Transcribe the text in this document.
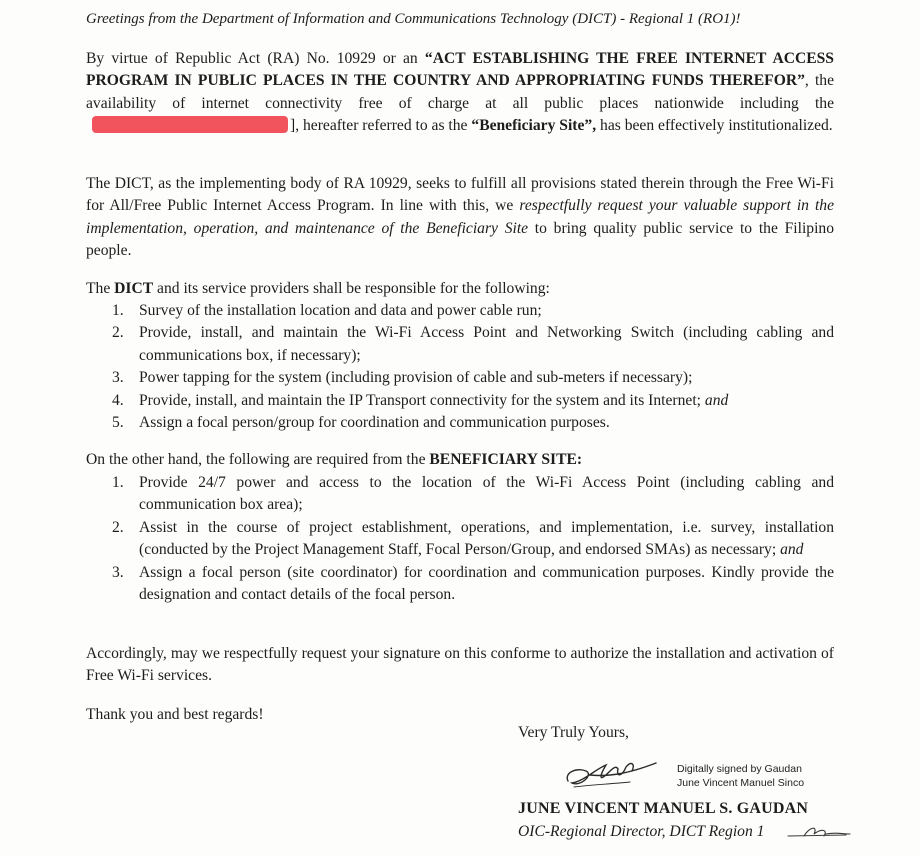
Greetings from the Department of Information and Communications Technology (DICT) - Regional 1 (RO1)!

By virtue of Republic Act (RA) No. 10929 or an “ACT ESTABLISHING THE FREE INTERNET ACCESS PROGRAM IN PUBLIC PLACES IN THE COUNTRY AND APPROPRIATING FUNDS THEREFOR”, the availability of internet connectivity free of charge at all public places nationwide including the], hereafter referred to as the “Beneficiary Site”, has been effectively institutionalized.

The DICT, as the implementing body of RA 10929, seeks to fulfill all provisions stated therein through the Free Wi-Fi for All/Free Public Internet Access Program. In line with this, we respectfully request your valuable support in the implementation, operation, and maintenance of the Beneficiary Site to bring quality public service to the Filipino people.

The DICT and its service providers shall be responsible for the following:

1. Survey of the installation location and data and power cable run;
2. Provide, install, and maintain the Wi-Fi Access Point and Networking Switch (including cabling and communications box, if necessary);
3. Power tapping for the system (including provision of cable and sub-meters if necessary);
4. Provide, install, and maintain the IP Transport connectivity for the system and its Internet; and
5. Assign a focal person/group for coordination and communication purposes.

On the other hand, the following are required from the BENEFICIARY SITE:

1. Provide 24/7 power and access to the location of the Wi-Fi Access Point (including cabling and communication box area);
2. Assist in the course of project establishment, operations, and implementation, i.e. survey, installation (conducted by the Project Management Staff, Focal Person/Group, and endorsed SMAs) as necessary; and
3. Assign a focal person (site coordinator) for coordination and communication purposes. Kindly provide the designation and contact details of the focal person.

Accordingly, may we respectfully request your signature on this conforme to authorize the installation and activation of Free Wi-Fi services.

Thank you and best regards!

Very Truly Yours,

Digitally signed by Gaudan
June Vincent Manuel Sinco

JUNE VINCENT MANUEL S. GAUDAN

OIC-Regional Director, DICT Region 1
